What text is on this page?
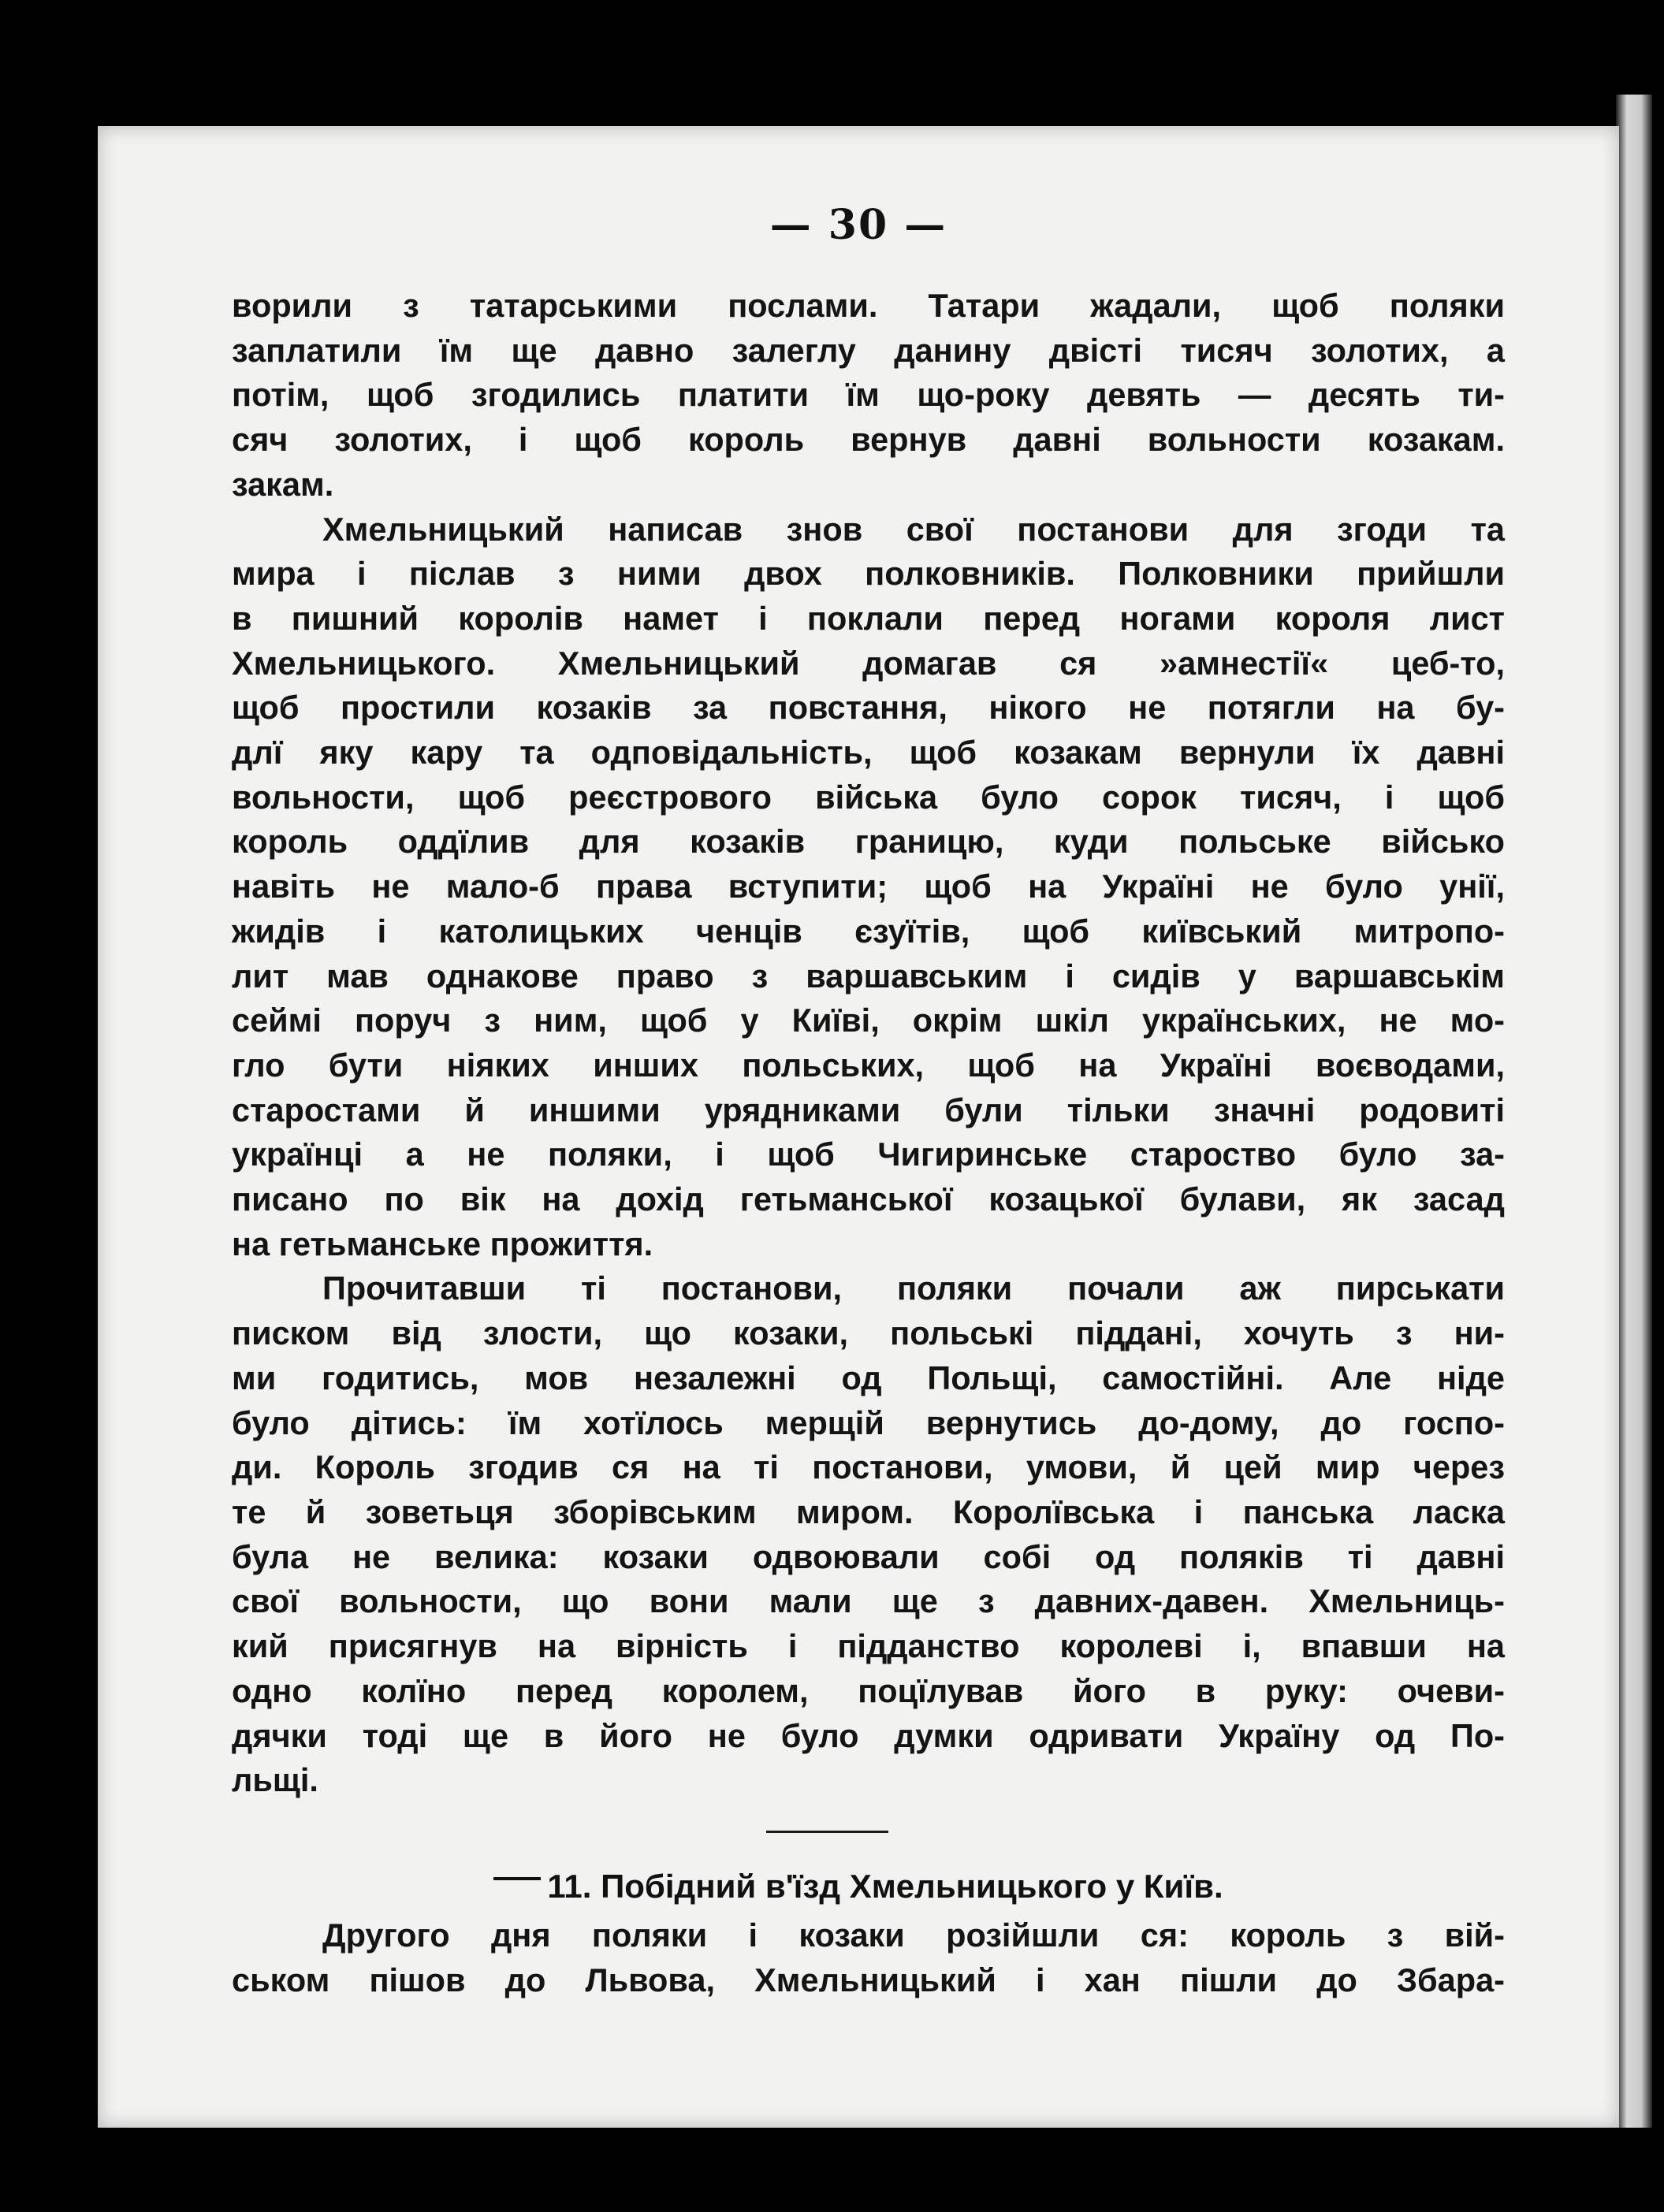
— 30 —
ворили з татарськими послами. Татари жадали, щоб поляки
заплатили їм ще давно залеглу данину двісті тисяч золотих, а
потім, щоб згодились платити їм що-року девять — десять ти-
сяч золотих, і щоб король вернув давні вольности козакам.
закам.
Хмельницький написав знов свої постанови для згоди та
мира і післав з ними двох полковників. Полковники прийшли
в пишний королів намет і поклали перед ногами короля лист
Хмельницького. Хмельницький домагав ся »амнестії« цеб-то,
щоб простили козаків за повстання, нікого не потягли на бу-
длї яку кару та одповідальність, щоб козакам вернули їх давні
вольности, щоб реєстрового війська було сорок тисяч, і щоб
король оддїлив для козаків границю, куди польське військо
навіть не мало-б права вступити; щоб на Україні не було унії,
жидів і католицьких ченців єзуїтів, щоб київський митропо-
лит мав однакове право з варшавським і сидів у варшавськім
сеймі поруч з ним, щоб у Київі, окрім шкіл українських, не мо-
гло бути ніяких инших польських, щоб на Україні воєводами,
старостами й иншими урядниками були тільки значні родовиті
українці а не поляки, і щоб Чигиринське староство було за-
писано по вік на дохід гетьманської козацької булави, як засад
на гетьманське прожиття.
Прочитавши ті постанови, поляки почали аж пирськати
писком від злости, що козаки, польські піддані, хочуть з ни-
ми годитись, мов незалежні од Польщі, самостійні. Але ніде
було дітись: їм хотїлось мерщій вернутись до-дому, до госпо-
ди. Король згодив ся на ті постанови, умови, й цей мир через
те й зоветьця зборівським миром. Королївська і панська ласка
була не велика: козаки одвоювали собі од поляків ті давні
свої вольности, що вони мали ще з давних-давен. Хмельниць-
кий присягнув на вірність і підданство королеві і, впавши на
одно колїно перед королем, поцїлував його в руку: очеви-
дячки тоді ще в його не було думки одривати Україну од По-
льщі.
11. Побідний в'їзд Хмельницького у Київ.
Другого дня поляки і козаки розійшли ся: король з вій-
ськом пішов до Львова, Хмельницький і хан пішли до Збара-
